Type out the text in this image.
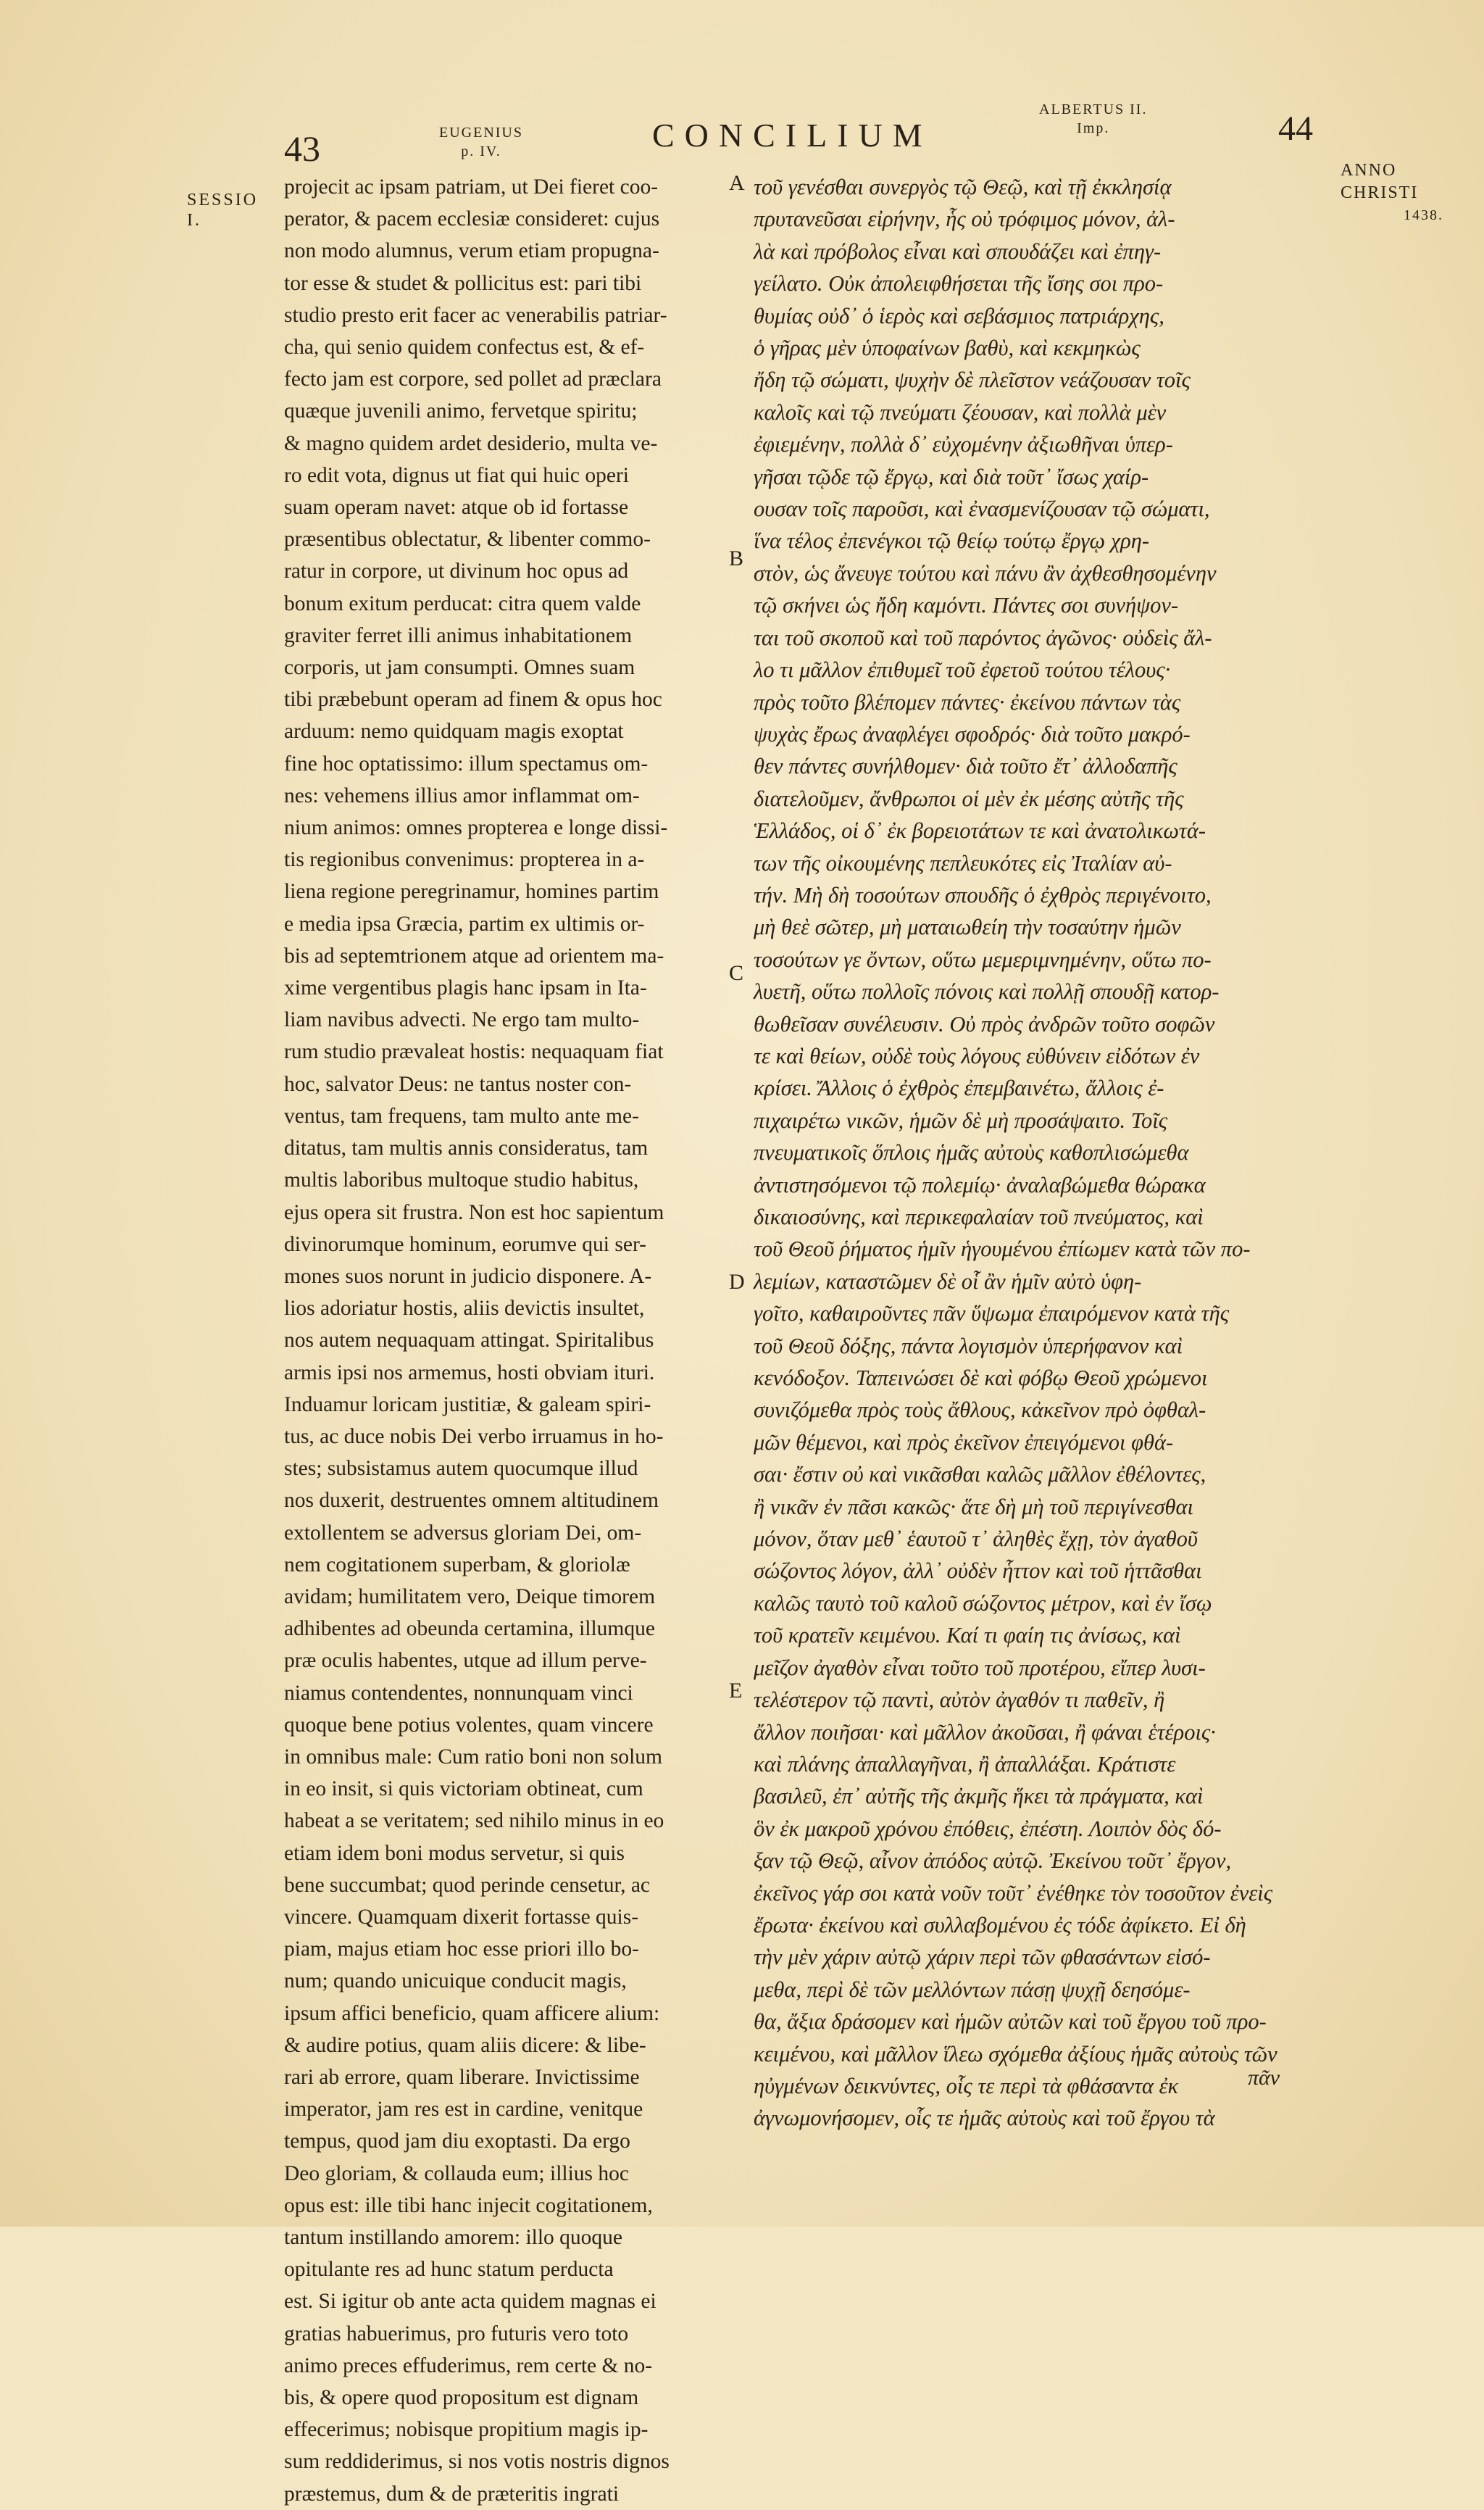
43	EUGENIUS
p. IV.	CONCILIUM
ALBERTUS II.
Imp.	44
SESSIO
I.
ANNO
CHRISTI
1438.
projecit ac ipsam patriam, ut Dei fieret coo-
perator, & pacem ecclesiæ consideret: cujus
non modo alumnus, verum etiam propugna-
tor esse & studet & pollicitus est: pari tibi
studio presto erit facer ac venerabilis patriar-
cha, qui senio quidem confectus est, & ef-
fecto jam est corpore, sed pollet ad præclara
quæque juvenili animo, fervetque spiritu;
& magno quidem ardet desiderio, multa ve-
ro edit vota, dignus ut fiat qui huic operi
suam operam navet: atque ob id fortasse
præsentibus oblectatur, & libenter commo-
ratur in corpore, ut divinum hoc opus ad
bonum exitum perducat: citra quem valde
graviter ferret illi animus inhabitationem
corporis, ut jam consumpti. Omnes suam
tibi præbebunt operam ad finem & opus hoc
arduum: nemo quidquam magis exoptat
fine hoc optatissimo: illum spectamus om-
nes: vehemens illius amor inflammat om-
nium animos: omnes propterea e longe dissi-
tis regionibus convenimus: propterea in a-
liena regione peregrinamur, homines partim
e media ipsa Græcia, partim ex ultimis or-
bis ad septemtrionem atque ad orientem ma-
xime vergentibus plagis hanc ipsam in Ita-
liam navibus advecti. Ne ergo tam multo-
rum studio prævaleat hostis: nequaquam fiat
hoc, salvator Deus: ne tantus noster con-
ventus, tam frequens, tam multo ante me-
ditatus, tam multis annis consideratus, tam
multis laboribus multoque studio habitus,
ejus opera sit frustra. Non est hoc sapientum
divinorumque hominum, eorumve qui ser-
mones suos norunt in judicio disponere. A-
lios adoriatur hostis, aliis devictis insultet,
nos autem nequaquam attingat. Spiritalibus
armis ipsi nos armemus, hosti obviam ituri.
Induamur loricam justitiæ, & galeam spiri-
tus, ac duce nobis Dei verbo irruamus in ho-
stes; subsistamus autem quocumque illud
nos duxerit, destruentes omnem altitudinem
extollentem se adversus gloriam Dei, om-
nem cogitationem superbam, & gloriolæ
avidam; humilitatem vero, Deique timorem
adhibentes ad obeunda certamina, illumque
præ oculis habentes, utque ad illum perve-
niamus contendentes, nonnunquam vinci
quoque bene potius volentes, quam vincere
in omnibus male: Cum ratio boni non solum
in eo insit, si quis victoriam obtineat, cum
habeat a se veritatem; sed nihilo minus in eo
etiam idem boni modus servetur, si quis
bene succumbat; quod perinde censetur, ac
vincere. Quamquam dixerit fortasse quis-
piam, majus etiam hoc esse priori illo bo-
num; quando unicuique conducit magis,
ipsum affici beneficio, quam afficere alium:
& audire potius, quam aliis dicere: & libe-
rari ab errore, quam liberare. Invictissime
imperator, jam res est in cardine, venitque
tempus, quod jam diu exoptasti. Da ergo
Deo gloriam, & collauda eum; illius hoc
opus est: ille tibi hanc injecit cogitationem,
tantum instillando amorem: illo quoque
opitulante res ad hunc statum perducta
est. Si igitur ob ante acta quidem magnas ei
gratias habuerimus, pro futuris vero toto
animo preces effuderimus, rem certe & no-
bis, & opere quod propositum est dignam
effecerimus; nobisque propitium magis ip-
sum reddiderimus, si nos votis nostris dignos
præstemus, dum & de præteritis ingrati
τοῦ γενέσθαι συνεργὸς τῷ Θεῷ, καὶ τῇ ἐκκλησίᾳ
πρυτανεῦσαι εἰρήνην, ἧς οὐ τρόφιμος μόνον, ἀλ-
λὰ καὶ πρόβολος εἶναι καὶ σπουδάζει καὶ ἐπηγ-
γείλατο. Οὐκ ἀπολειφθήσεται τῆς ἴσης σοι προ-
θυμίας οὐδ᾽ ὁ ἱερὸς καὶ σεβάσμιος πατριάρχης,
ὁ γῆρας μὲν ὑποφαίνων βαθὺ, καὶ κεκμηκὼς
ἤδη τῷ σώματι, ψυχὴν δὲ πλεῖστον νεάζουσαν τοῖς
καλοῖς καὶ τῷ πνεύματι ζέουσαν, καὶ πολλὰ μὲν
ἐφιεμένην, πολλὰ δ᾽ εὐχομένην ἀξιωθῆναι ὑπερ-
γῆσαι τῷδε τῷ ἔργῳ, καὶ διὰ τοῦτ᾽ ἴσως χαίρ-
ουσαν τοῖς παροῦσι, καὶ ἐνασμενίζουσαν τῷ σώματι,
ἵνα τέλος ἐπενέγκοι τῷ θείῳ τούτῳ ἔργῳ χρη-
στὸν, ὡς ἄνευγε τούτου καὶ πάνυ ἂν ἀχθεσθησομένην
τῷ σκήνει ὡς ἤδη καμόντι. Πάντες σοι συνήψον-
ται τοῦ σκοποῦ καὶ τοῦ παρόντος ἀγῶνος· οὐδεὶς ἄλ-
λο τι μᾶλλον ἐπιθυμεῖ τοῦ ἐφετοῦ τούτου τέλους·
πρὸς τοῦτο βλέπομεν πάντες· ἐκείνου πάντων τὰς
ψυχὰς ἔρως ἀναφλέγει σφοδρός· διὰ τοῦτο μακρό-
θεν πάντες συνήλθομεν· διὰ τοῦτο ἔτ᾽ ἀλλοδαπῆς
διατελοῦμεν, ἄνθρωποι οἱ μὲν ἐκ μέσης αὐτῆς τῆς
Ἑλλάδος, οἱ δ᾽ ἐκ βορειοτάτων τε καὶ ἀνατολικωτά-
των τῆς οἰκουμένης πεπλευκότες εἰς Ἰταλίαν αὐ-
τήν. Μὴ δὴ τοσούτων σπουδῆς ὁ ἐχθρὸς περιγένοιτο,
μὴ θεὲ σῶτερ, μὴ ματαιωθείη τὴν τοσαύτην ἡμῶν
τοσούτων γε ὄντων, οὕτω μεμεριμνημένην, οὕτω πο-
λυετῆ, οὕτω πολλοῖς πόνοις καὶ πολλῇ σπουδῇ κατορ-
θωθεῖσαν συνέλευσιν. Οὐ πρὸς ἀνδρῶν τοῦτο σοφῶν
τε καὶ θείων, οὐδὲ τοὺς λόγους εὐθύνειν εἰδότων ἐν
κρίσει. Ἄλλοις ὁ ἐχθρὸς ἐπεμβαινέτω, ἄλλοις ἐ-
πιχαιρέτω νικῶν, ἡμῶν δὲ μὴ προσάψαιτο. Τοῖς
πνευματικοῖς ὅπλοις ἡμᾶς αὐτοὺς καθοπλισώμεθα
ἀντιστησόμενοι τῷ πολεμίῳ· ἀναλαβώμεθα θώρακα
δικαιοσύνης, καὶ περικεφαλαίαν τοῦ πνεύματος, καὶ
τοῦ Θεοῦ ῥήματος ἡμῖν ἡγουμένου ἐπίωμεν κατὰ τῶν πο-
λεμίων, καταστῶμεν δὲ οἷ ἂν ἡμῖν αὐτὸ ὑφη-
γοῖτο, καθαιροῦντες πᾶν ὕψωμα ἐπαιρόμενον κατὰ τῆς
τοῦ Θεοῦ δόξης, πάντα λογισμὸν ὑπερήφανον καὶ
κενόδοξον. Ταπεινώσει δὲ καὶ φόβῳ Θεοῦ χρώμενοι
συνιζόμεθα πρὸς τοὺς ἄθλους, κἀκεῖνον πρὸ ὀφθαλ-
μῶν θέμενοι, καὶ πρὸς ἐκεῖνον ἐπειγόμενοι φθά-
σαι· ἔστιν οὐ καὶ νικᾶσθαι καλῶς μᾶλλον ἐθέλοντες,
ἢ νικᾶν ἐν πᾶσι κακῶς· ἅτε δὴ μὴ τοῦ περιγίνεσθαι
μόνον, ὅταν μεθ᾽ ἑαυτοῦ τ᾽ ἀληθὲς ἔχῃ, τὸν ἀγαθοῦ
σώζοντος λόγον, ἀλλ᾽ οὐδὲν ἧττον καὶ τοῦ ἡττᾶσθαι
καλῶς ταυτὸ τοῦ καλοῦ σώζοντος μέτρον, καὶ ἐν ἴσῳ
τοῦ κρατεῖν κειμένου. Καί τι φαίη τις ἀνίσως, καὶ
μεῖζον ἀγαθὸν εἶναι τοῦτο τοῦ προτέρου, εἴπερ λυσι-
τελέστερον τῷ παντὶ, αὐτὸν ἀγαθόν τι παθεῖν, ἢ
ἄλλον ποιῆσαι· καὶ μᾶλλον ἀκοῦσαι, ἢ φάναι ἑτέροις·
καὶ πλάνης ἀπαλλαγῆναι, ἢ ἀπαλλάξαι. Κράτιστε
βασιλεῦ, ἐπ᾽ αὐτῆς τῆς ἀκμῆς ἥκει τὰ πράγματα, καὶ
ὃν ἐκ μακροῦ χρόνου ἐπόθεις, ἐπέστη. Λοιπὸν δὸς δό-
ξαν τῷ Θεῷ, αἶνον ἀπόδος αὐτῷ. Ἐκείνου τοῦτ᾽ ἔργον,
ἐκεῖνος γάρ σοι κατὰ νοῦν τοῦτ᾽ ἐνέθηκε τὸν τοσοῦτον ἐνεὶς
ἔρωτα· ἐκείνου καὶ συλλαβομένου ἐς τόδε ἀφίκετο. Εἰ δὴ
τὴν μὲν χάριν αὐτῷ χάριν περὶ τῶν φθασάντων εἰσό-
μεθα, περὶ δὲ τῶν μελλόντων πάσῃ ψυχῇ δεησόμε-
θα, ἄξια δράσομεν καὶ ἡμῶν αὐτῶν καὶ τοῦ ἔργου τοῦ προ-
κειμένου, καὶ μᾶλλον ἵλεω σχόμεθα ἀξίους ἡμᾶς αὐτοὺς τῶν
ηὐγμένων δεικνύντες, οἷς τε περὶ τὰ φθάσαντα ἐκ
ἀγνωμονήσομεν, οἷς τε ἡμᾶς αὐτοὺς καὶ τοῦ ἔργου τὰ
A
B
C
D
E
πᾶν
